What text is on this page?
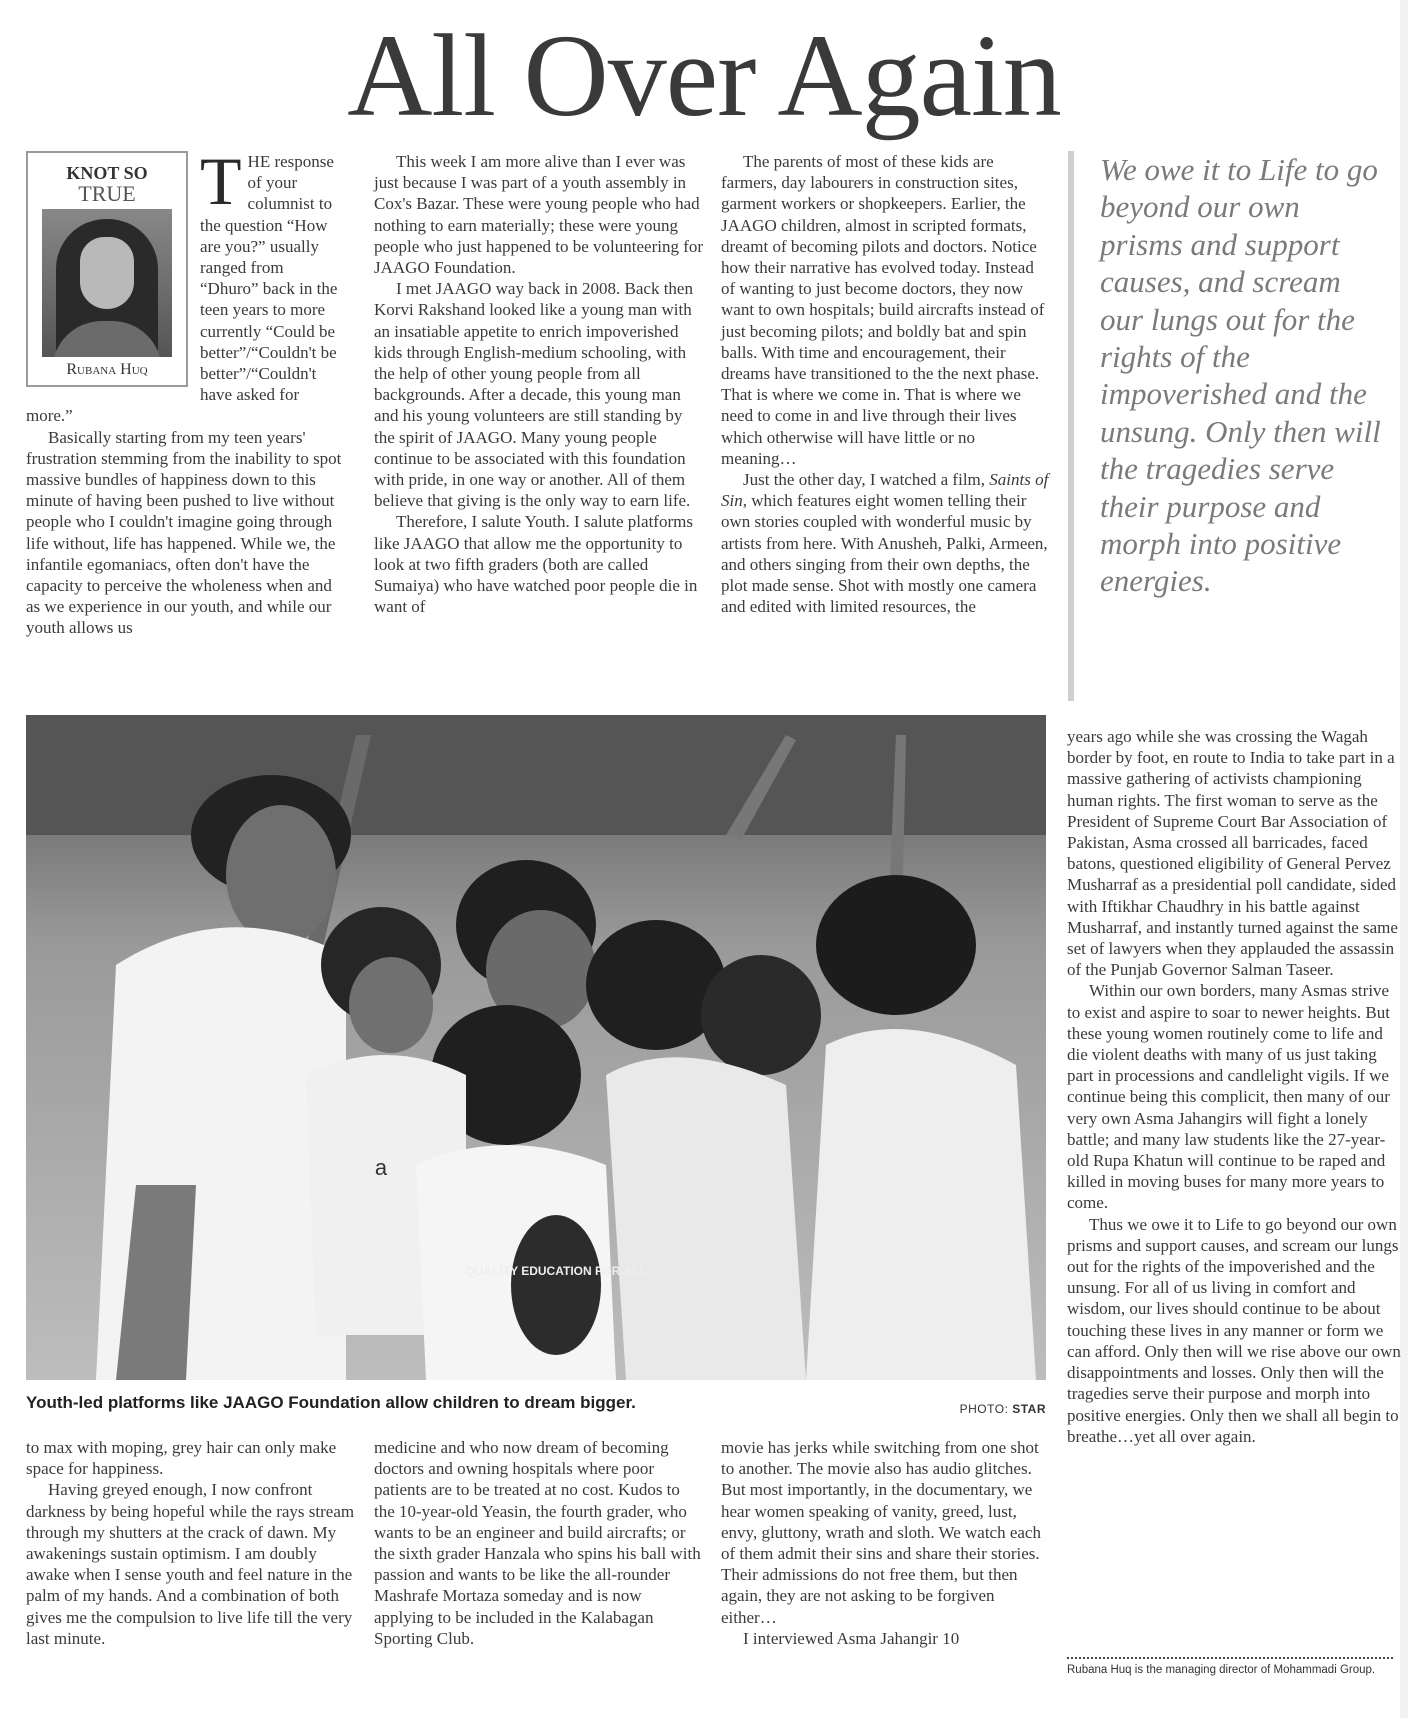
All Over Again
KNOT SO
TRUE
Rubana Huq

THE response of your columnist to the question “How are you?” usually ranged from “Dhuro” back in the teen years to more currently “Could be better”/“Couldn't be better”/“Couldn't have asked for more.”

Basically starting from my teen years' frustration stemming from the inability to spot massive bundles of happiness down to this minute of having been pushed to live without people who I couldn't imagine going through life without, life has happened. While we, the infantile egomaniacs, often don't have the capacity to perceive the wholeness when and as we experience in our youth, and while our youth allows us

This week I am more alive than I ever was just because I was part of a youth assembly in Cox's Bazar. These were young people who had nothing to earn materially; these were young people who just happened to be volunteering for JAAGO Foundation.

I met JAAGO way back in 2008. Back then Korvi Rakshand looked like a young man with an insatiable appetite to enrich impoverished kids through English-medium schooling, with the help of other young people from all backgrounds. After a decade, this young man and his young volunteers are still standing by the spirit of JAAGO. Many young people continue to be associated with this foundation with pride, in one way or another. All of them believe that giving is the only way to earn life.

Therefore, I salute Youth. I salute platforms like JAAGO that allow me the opportunity to look at two fifth graders (both are called Sumaiya) who have watched poor people die in want of

The parents of most of these kids are farmers, day labourers in construction sites, garment workers or shopkeepers. Earlier, the JAAGO children, almost in scripted formats, dreamt of becoming pilots and doctors. Notice how their narrative has evolved today. Instead of wanting to just become doctors, they now want to own hospitals; build aircrafts instead of just becoming pilots; and boldly bat and spin balls. With time and encouragement, their dreams have transitioned to the the next phase. That is where we come in. That is where we need to come in and live through their lives which otherwise will have little or no meaning…

Just the other day, I watched a film, Saints of Sin, which features eight women telling their own stories coupled with wonderful music by artists from here. With Anusheh, Palki, Armeen, and others singing from their own depths, the plot made sense. Shot with mostly one camera and edited with limited resources, the

We owe it to Life to go beyond our own prisms and support causes, and scream our lungs out for the rights of the impoverished and the unsung. Only then will the tragedies serve their purpose and morph into positive energies.
QUALITY EDUCATION FOR ALL
a
Youth-led platforms like JAAGO Foundation allow children to dream bigger.	PHOTO: STAR

years ago while she was crossing the Wagah border by foot, en route to India to take part in a massive gathering of activists championing human rights. The first woman to serve as the President of Supreme Court Bar Association of Pakistan, Asma crossed all barricades, faced batons, questioned eligibility of General Pervez Musharraf as a presidential poll candidate, sided with Iftikhar Chaudhry in his battle against Musharraf, and instantly turned against the same set of lawyers when they applauded the assassin of the Punjab Governor Salman Taseer.

Within our own borders, many Asmas strive to exist and aspire to soar to newer heights. But these young women routinely come to life and die violent deaths with many of us just taking part in processions and candlelight vigils. If we continue being this complicit, then many of our very own Asma Jahangirs will fight a lonely battle; and many law students like the 27-year-old Rupa Khatun will continue to be raped and killed in moving buses for many more years to come.

Thus we owe it to Life to go beyond our own prisms and support causes, and scream our lungs out for the rights of the impoverished and the unsung. For all of us living in comfort and wisdom, our lives should continue to be about touching these lives in any manner or form we can afford. Only then will we rise above our own disappointments and losses. Only then will the tragedies serve their purpose and morph into positive energies. Only then we shall all begin to breathe…yet all over again.

to max with moping, grey hair can only make space for happiness.

Having greyed enough, I now confront darkness by being hopeful while the rays stream through my shutters at the crack of dawn. My awakenings sustain optimism. I am doubly awake when I sense youth and feel nature in the palm of my hands. And a combination of both gives me the compulsion to live life till the very last minute.

medicine and who now dream of becoming doctors and owning hospitals where poor patients are to be treated at no cost. Kudos to the 10-year-old Yeasin, the fourth grader, who wants to be an engineer and build aircrafts; or the sixth grader Hanzala who spins his ball with passion and wants to be like the all-rounder Mashrafe Mortaza someday and is now applying to be included in the Kalabagan Sporting Club.

movie has jerks while switching from one shot to another. The movie also has audio glitches. But most importantly, in the documentary, we hear women speaking of vanity, greed, lust, envy, gluttony, wrath and sloth. We watch each of them admit their sins and share their stories. Their admissions do not free them, but then again, they are not asking to be forgiven either…

I interviewed Asma Jahangir 10

Rubana Huq is the managing director of Mohammadi Group.
